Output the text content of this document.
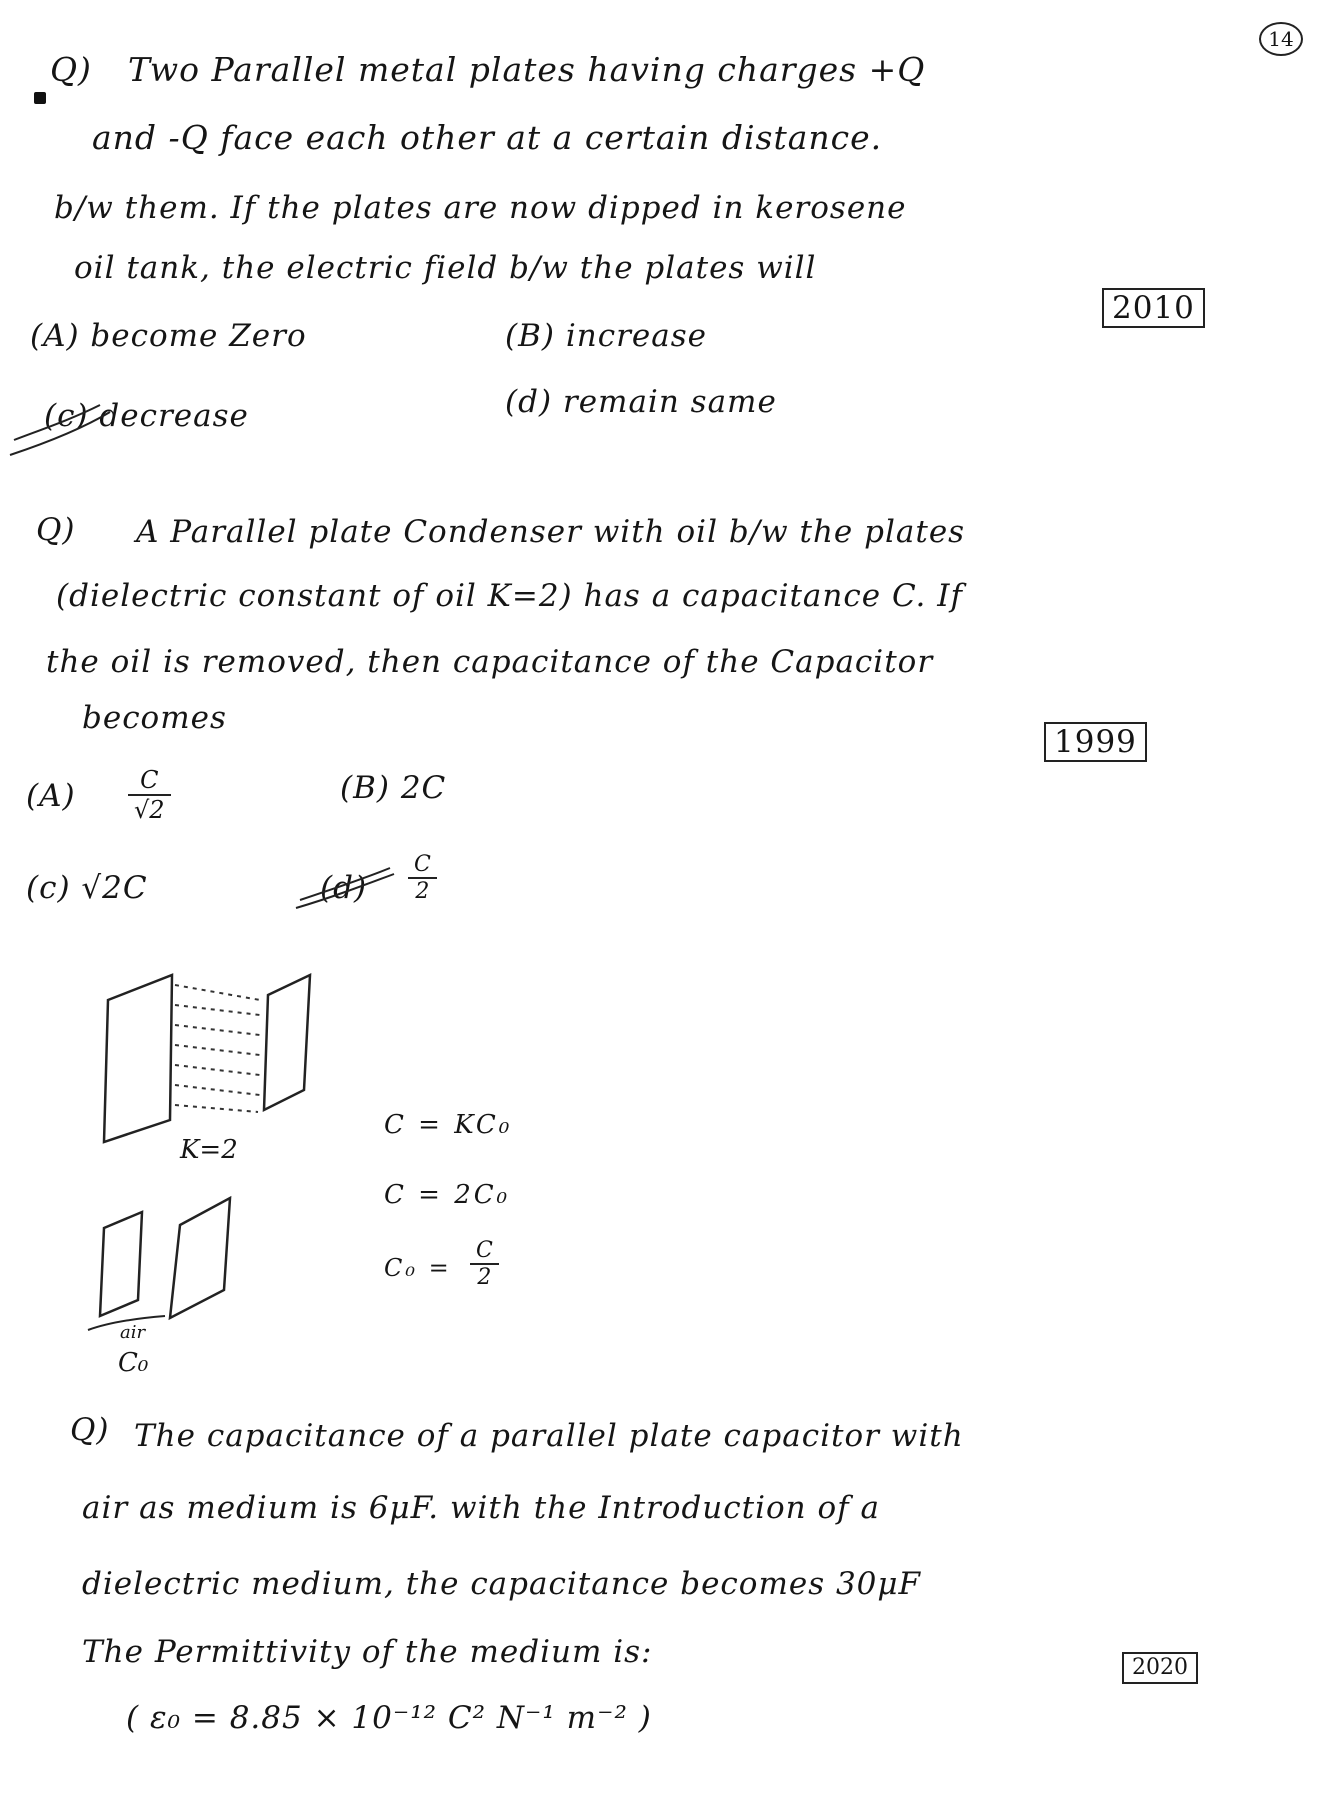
14
Q) Two Parallel metal plates having charges +Q
and -Q face each other at a certain distance.
b/w them. If the plates are now dipped in kerosene
oil tank, the electric field b/w the plates will
2010
(A) become Zero	(B) increase
(c) decrease	(d) remain same
Q) A Parallel plate Condenser with oil b/w the plates
(dielectric constant of oil K=2) has a capacitance C. If
the oil is removed, then capacitance of the Capacitor
becomes
1999
$(A) \frac{C}{√2}$	(B) 2C
(c) √2C	$(d) \frac{C}{2}$
K=2
air
C₀
C = KC₀
C = 2C₀
$C_0 = \frac{C}{2}$
Q) The capacitance of a parallel plate capacitor with
air as medium is 6μF. with the Introduction of a
dielectric medium, the capacitance becomes 30μF
The Permittivity of the medium is:	2020
( ε₀ = 8.85 × 10⁻¹² C² N⁻¹ m⁻² )
